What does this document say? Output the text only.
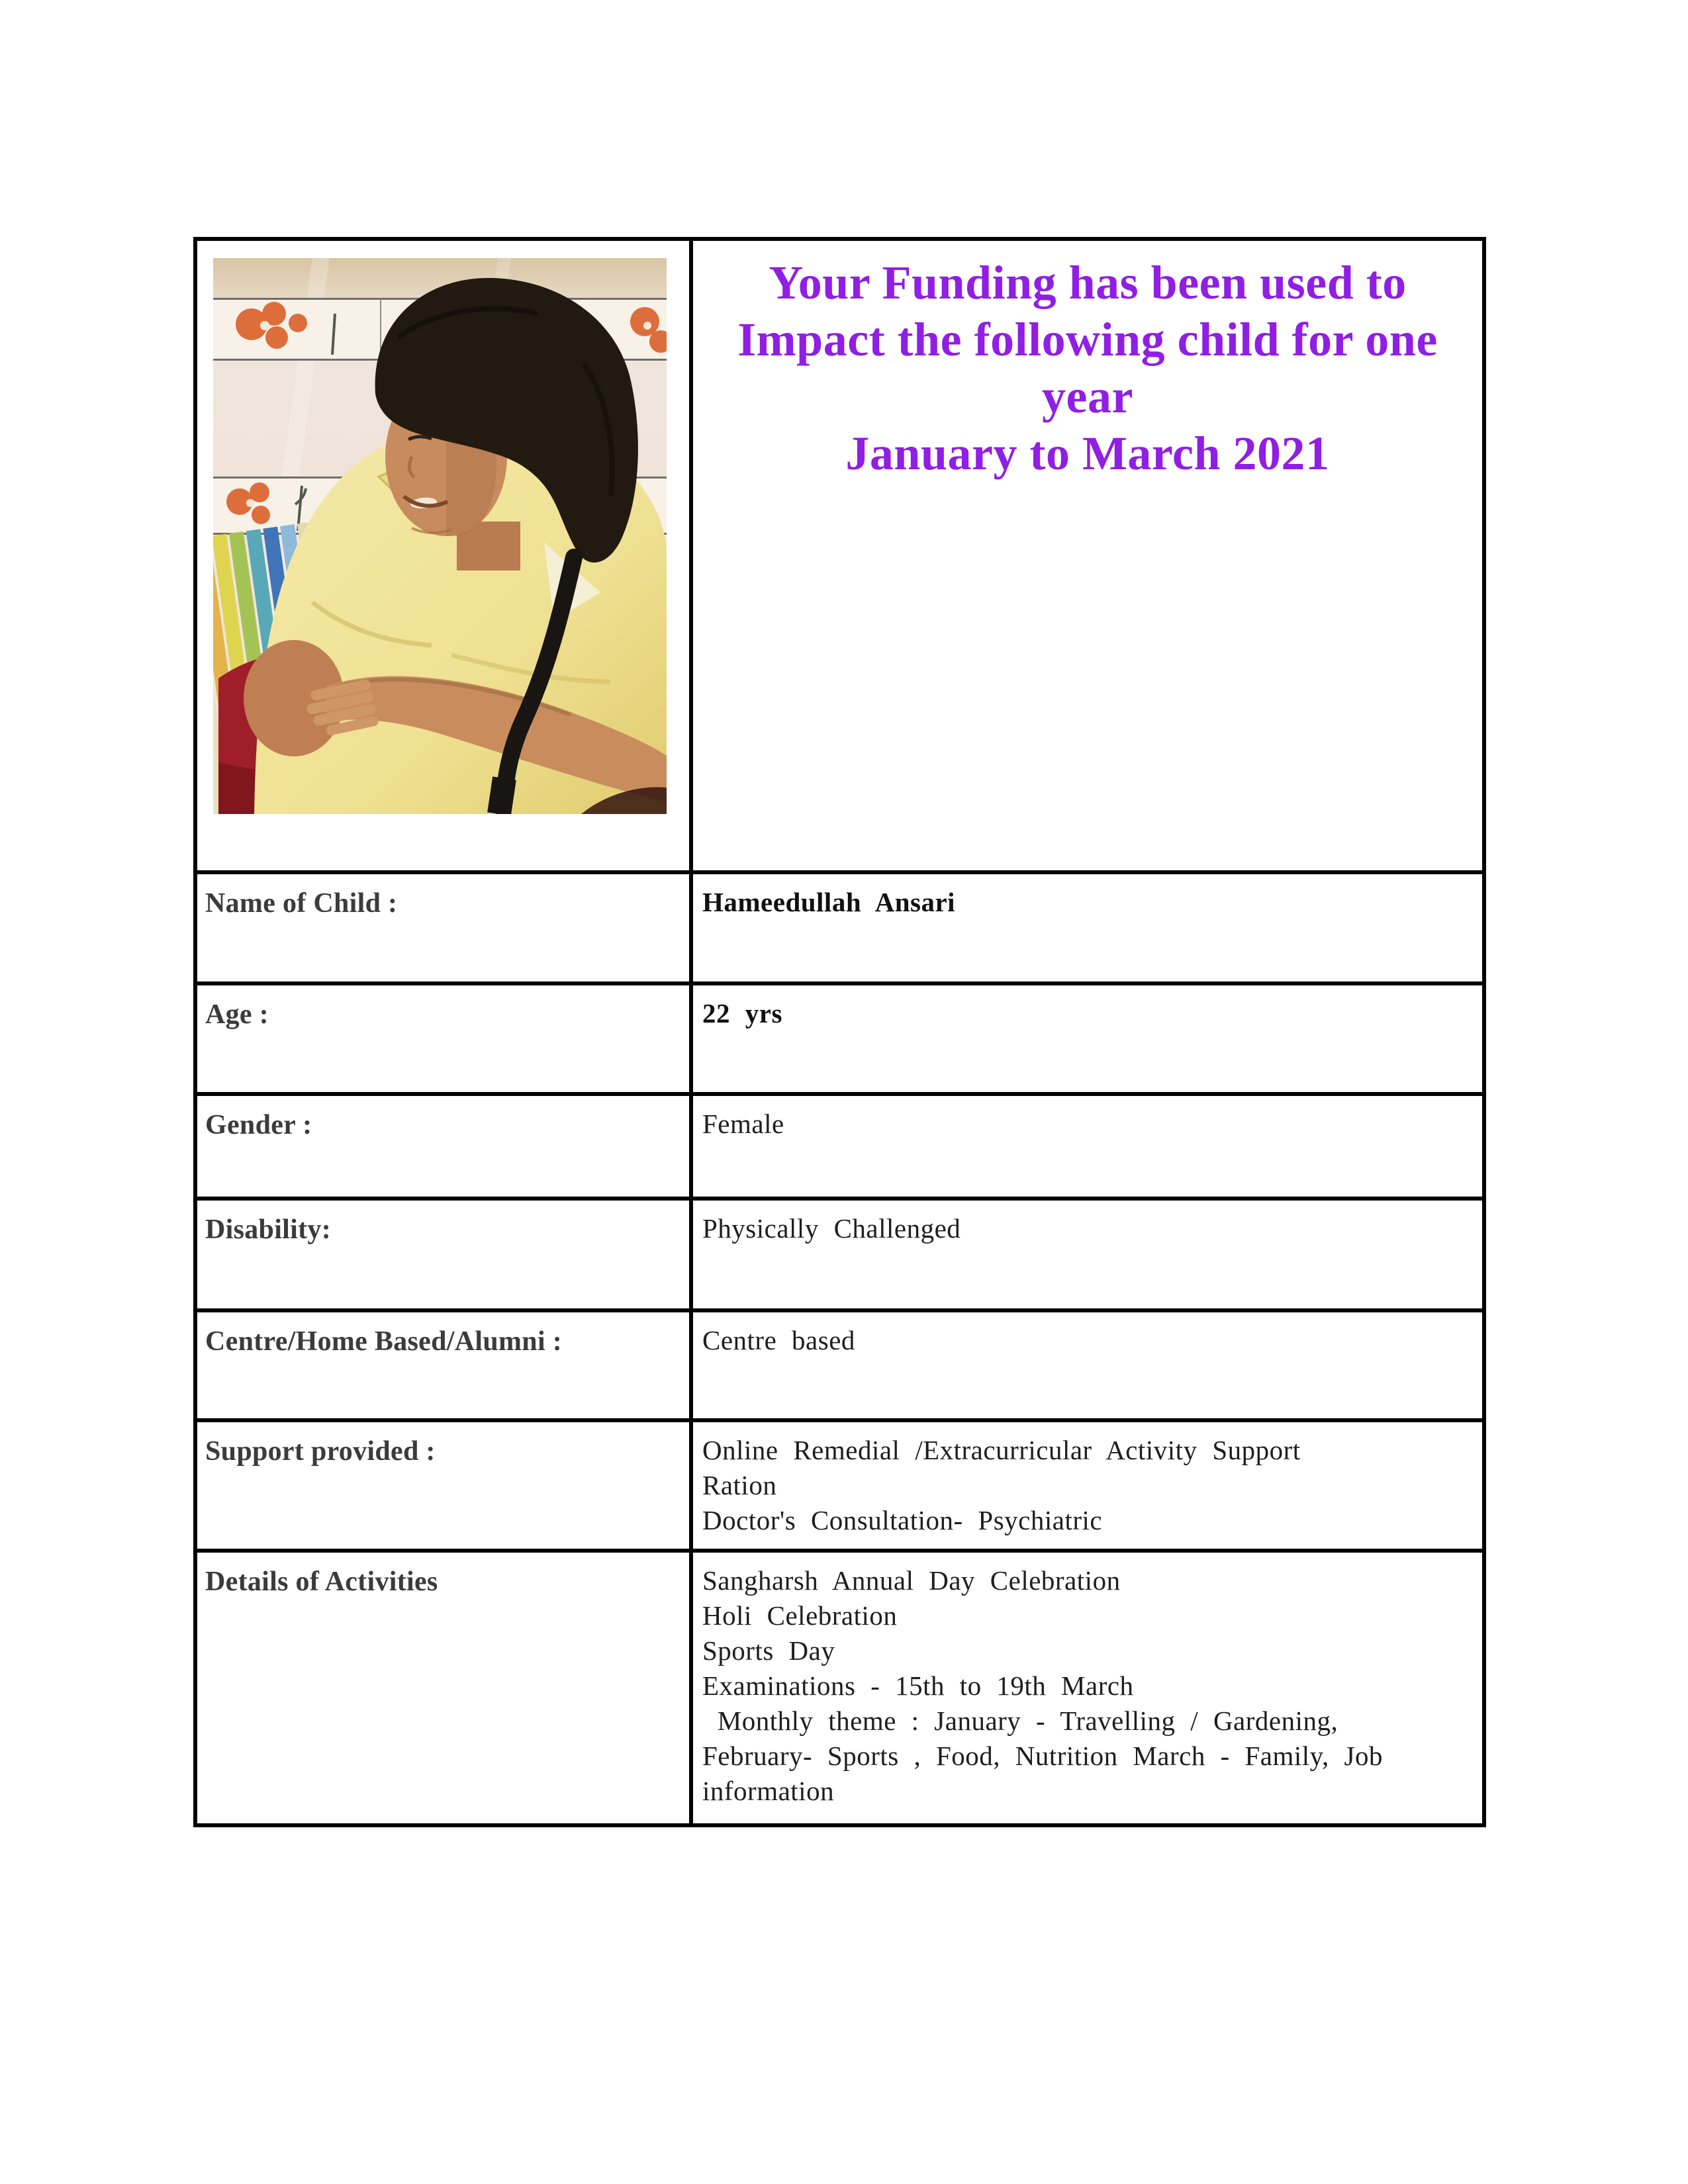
Your Funding has been used to
Impact the following child for one
year
January to March 2021
Name of Child :	Hameedullah Ansari
Age :	22 yrs
Gender :	Female
Disability:	Physically Challenged
Centre/Home Based/Alumni :	Centre based
Support provided :	Online Remedial /Extracurricular Activity Support
Ration
Doctor's Consultation- Psychiatric
Details of Activities	Sangharsh Annual Day Celebration
Holi Celebration
Sports Day
Examinations - 15th to 19th March
Monthly theme : January - Travelling / Gardening,
February- Sports , Food, Nutrition March - Family, Job
information
